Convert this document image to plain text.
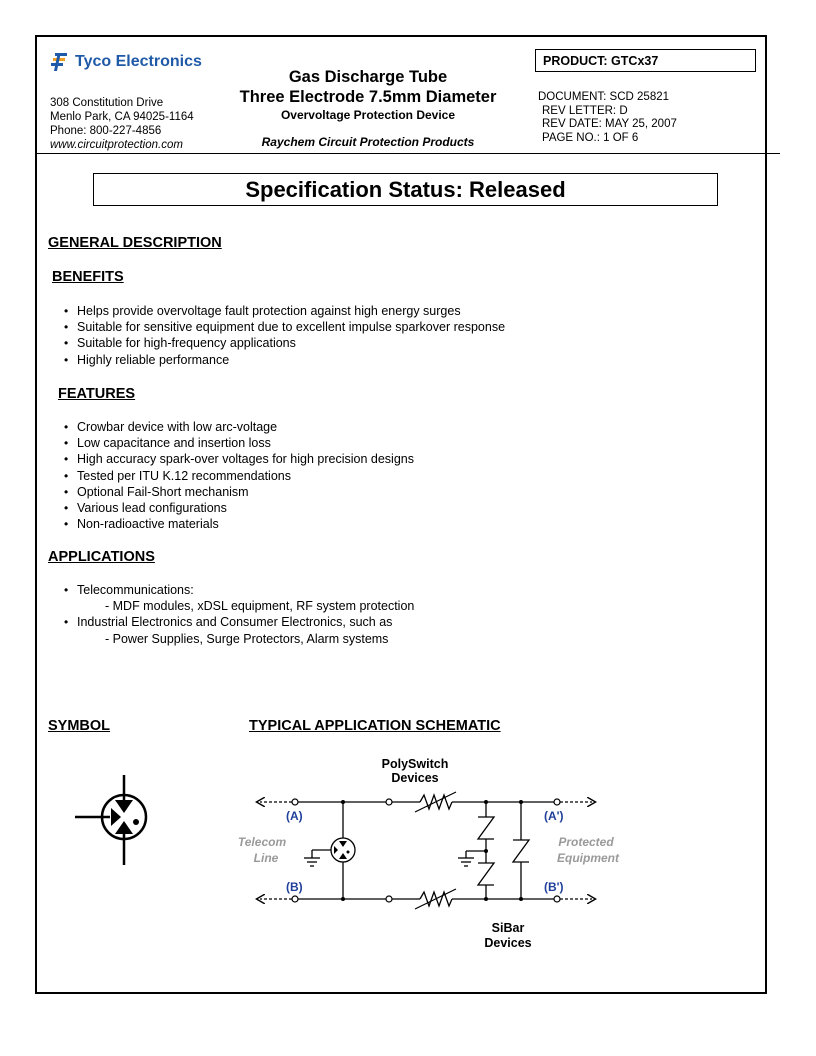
Tyco Electronics
308 Constitution Drive
Menlo Park, CA 94025-1164
Phone: 800-227-4856
www.circuitprotection.com
Gas Discharge Tube
Three Electrode 7.5mm Diameter
Overvoltage Protection Device
Raychem Circuit Protection Products
PRODUCT: GTCx37
DOCUMENT: SCD 25821
REV LETTER: D
REV DATE: MAY 25, 2007
PAGE NO.: 1 OF 6
Specification Status: Released
GENERAL DESCRIPTION
BENEFITS
• Helps provide overvoltage fault protection against high energy surges
• Suitable for sensitive equipment due to excellent impulse sparkover response
• Suitable for high-frequency applications
• Highly reliable performance
FEATURES
• Crowbar device with low arc-voltage
• Low capacitance and insertion loss
• High accuracy spark-over voltages for high precision designs
• Tested per ITU K.12 recommendations
• Optional Fail-Short mechanism
• Various lead configurations
• Non-radioactive materials
APPLICATIONS
• Telecommunications:
- MDF modules, xDSL equipment, RF system protection
• Industrial Electronics and Consumer Electronics, such as
- Power Supplies, Surge Protectors, Alarm systems
SYMBOL	TYPICAL APPLICATION SCHEMATIC
PolySwitch
Devices
SiBar
Devices
(A)
(B)
(A')
(B')
Telecom
Line
Protected
Equipment
